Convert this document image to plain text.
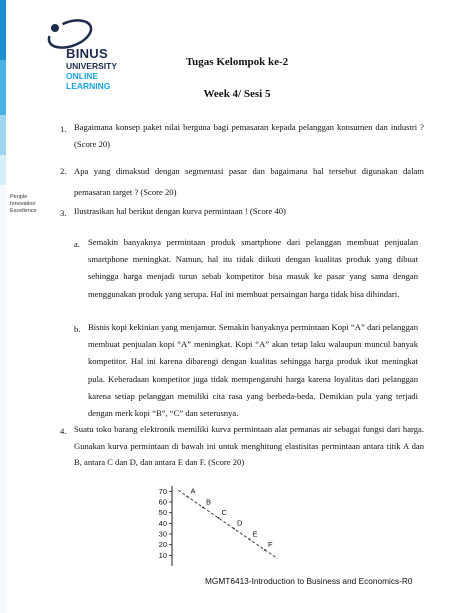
BINUS
UNIVERSITY
ONLINE
LEARNING
People
Innovation
Excellence
Tugas Kelompok ke-2
Week 4/ Sesi 5
1. Bagaimana konsep paket nilai berguna bagi pemasaran kepada pelanggan konsumen dan industri ? (Score 20)
2. Apa yang dimaksud dengan segmentasi pasar dan bagaimana hal tersebut digunakan dalam pemasaran target ? (Score 20)
3. Ilustrasikan hal berikut dengan kurva permintaan ! (Score 40)
a. Semakin banyaknya permintaan produk smartphone dari pelanggan membuat penjualan smartphone meningkat. Namun, hal itu tidak diikuti dengan kualitas produk yang dibuat sehingga harga menjadi turun sebab kompetitor bisa masuk ke pasar yang sama dengan menggunakan produk yang serupa. Hal ini membuat persaingan harga tidak bisa dihindari.
b. Bisnis kopi kekinian yang menjamur. Semakin banyaknya permintaan Kopi “A” dari pelanggan membuat penjualan kopi “A” meningkat. Kopi “A” akan tetap laku walaupun muncul banyak kompetitor. Hal ini karena dibarengi dengan kualitas sehingga harga produk ikut meningkat pula. Keberadaan kompetitor juga tidak mempengaruhi harga karena loyalitas dari pelanggan karena setiap pelanggan memiliki cita rasa yang berbeda-beda. Demikian pula yang terjadi dengan merk kopi “B”, “C” dan seterusnya.
4. Suatu toko barang elektronik memiliki kurva permintaan alat pemanas air sebagai fungsi dari harga. Gunakan kurva permintaan di bawah ini untuk menghitung elastisitas permintaan antara titik A dan B, antara C dan D, dan antara E dan F. (Score 20)
10
20
30
40
50
60
70	A
B
C
D
E
F
MGMT6413-Introduction to Business and Economics-R0
